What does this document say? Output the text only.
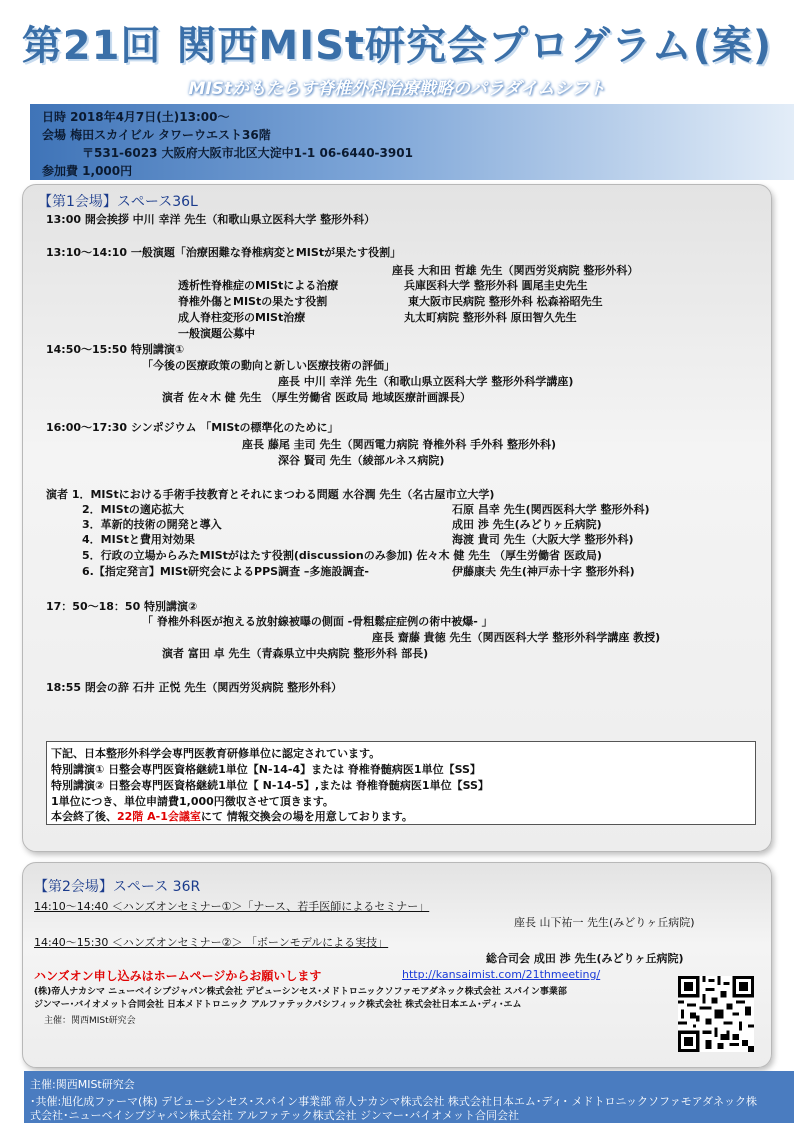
第21回 関西MISt研究会プログラム(案)
MIStがもたらす脊椎外科治療戦略のパラダイムシフト
日時 2018年4月7日(土)13:00～
会場 梅田スカイビル タワーウエスト36階
〒531-6023 大阪府大阪市北区大淀中1-1 06-6440-3901
参加費 1,000円
【第1会場】スペース36L
13:00 開会挨拶 中川 幸洋 先生（和歌山県立医科大学 整形外科）
13:10～14:10 一般演題「治療困難な脊椎病変とMIStが果たす役割」
座長 大和田 哲雄 先生（関西労災病院 整形外科）
透析性脊椎症のMIStによる治療	兵庫医科大学 整形外科 圓尾圭史先生
脊椎外傷とMIStの果たす役割	東大阪市民病院 整形外科 松森裕昭先生
成人脊柱変形のMISt治療	丸太町病院 整形外科 原田智久先生
一般演題公募中
14:50～15:50 特別講演①
「今後の医療政策の動向と新しい医療技術の評価」
座長 中川 幸洋 先生（和歌山県立医科大学 整形外科学講座)
演者 佐々木 健 先生 （厚生労働省 医政局 地域医療計画課長）
16:00～17:30 シンポジウム 「MIStの標準化のために」
座長 藤尾 圭司 先生（関西電力病院 脊椎外科 手外科 整形外科)
深谷 賢司 先生（綾部ルネス病院)
演者 1．MIStにおける手術手技教育とそれにまつわる問題 水谷潤 先生（名古屋市立大学)
2．MIStの適応拡大	石原 昌幸 先生(関西医科大学 整形外科)
3．革新的技術の開発と導入	成田 渉 先生(みどりヶ丘病院)
4．MIStと費用対効果	海渡 貴司 先生（大阪大学 整形外科)
5．行政の立場からみたMIStがはたす役割(discussionのみ参加) 佐々木 健 先生 （厚生労働省 医政局)
6.【指定発言】MISt研究会によるPPS調査 –多施設調査-	伊藤康夫 先生(神戸赤十字 整形外科)
17：50～18：50 特別講演②
「 脊椎外科医が抱える放射線被曝の側面 -骨粗鬆症症例の術中被爆- 」
座長 齋藤 貴徳 先生（関西医科大学 整形外科学講座 教授)
演者 富田 卓 先生（青森県立中央病院 整形外科 部長)
18:55 閉会の辞 石井 正悦 先生（関西労災病院 整形外科）
下記、日本整形外科学会専門医教育研修単位に認定されています。
特別講演① 日整会専門医資格継続1単位【N-14-4】または 脊椎脊髄病医1単位【SS】
特別講演② 日整会専門医資格継続1単位【 N-14-5】,または 脊椎脊髄病医1単位【SS】
1単位につき、単位申請費1,000円徴収させて頂きます。
本会終了後、22階 A-1会議室にて 情報交換会の場を用意しております。
【第2会場】スペース 36R
14:10～14:40 ＜ハンズオンセミナー①＞「ナース、若手医師によるセミナー」
座長 山下祐一 先生(みどりヶ丘病院)
14:40～15:30 ＜ハンズオンセミナー②＞ 「ボーンモデルによる実技」
総合司会 成田 渉 先生(みどりヶ丘病院)
ハンズオン申し込みはホームページからお願いします	http://kansaimist.com/21thmeeting/
(株)帝人ナカシマ ニューベイシブジャパン株式会社 デピューシンセス･メドトロニックソファモアダネック株式会社 スパイン事業部
ジンマー･バイオメット合同会社 日本メドトロニック アルファテックパシフィック株式会社 株式会社日本エム･ディ･エム
主催：関西MISt研究会
主催:関西MISt研究会
･共催:旭化成ファーマ(株) デピューシンセス･スパイン事業部 帝人ナカシマ株式会社 株式会社日本エム･ディ･ メドトロニックソファモアダネック株
式会社･ニューベイシブジャパン株式会社 アルファテック株式会社 ジンマー･バイオメット合同会社
